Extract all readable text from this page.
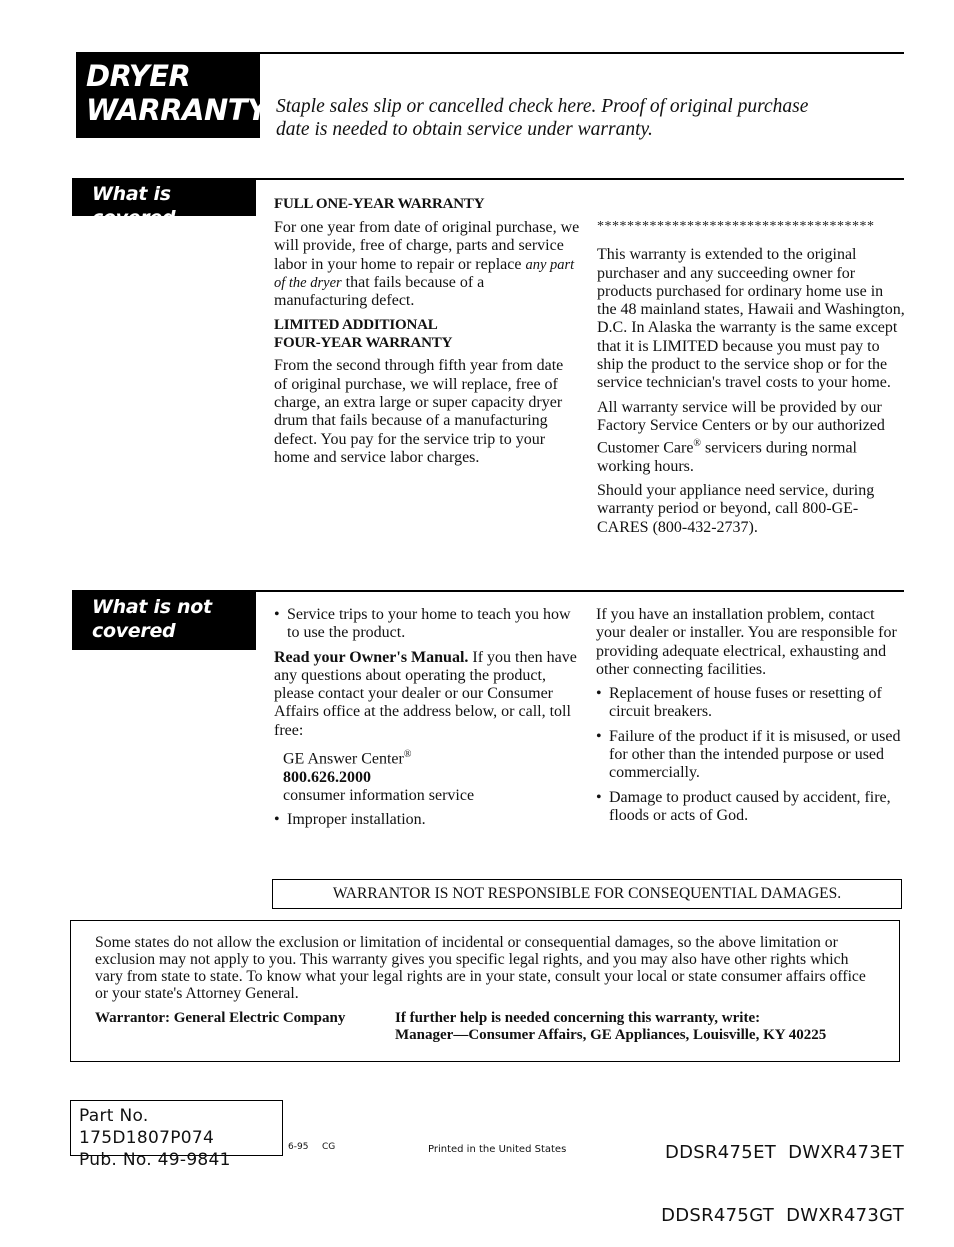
DRYER
WARRANTY Staple sales slip or cancelled check here. Proof of original purchase
date is needed to obtain service under warranty.
What is covered
FULL ONE-YEAR WARRANTY

For one year from date of original purchase, we will provide, free of charge, parts and service labor in your home to repair or replace any part of the dryer that fails because of a manufacturing defect.

LIMITED ADDITIONAL
FOUR-YEAR WARRANTY

From the second through fifth year from date of original purchase, we will replace, free of charge, an extra large or super capacity dryer drum that fails because of a manufacturing defect. You pay for the service trip to your home and service labor charges.

*************************************

This warranty is extended to the original purchaser and any succeeding owner for products purchased for ordinary home use in the 48 mainland states, Hawaii and Washington, D.C. In Alaska the warranty is the same except that it is LIMITED because you must pay to ship the product to the service shop or for the service technician's travel costs to your home.

All warranty service will be provided by our Factory Service Centers or by our authorized Customer Care® servicers during normal working hours.

Should your appliance need service, during warranty period or beyond, call 800-GE-CARES (800-432-2737).

What is not
covered
• Service trips to your home to teach you how to use the product.

Read your Owner's Manual. If you then have any questions about operating the product, please contact your dealer or our Consumer Affairs office at the address below, or call, toll free:

GE Answer Center®
800.626.2000
consumer information service
• Improper installation.

If you have an installation problem, contact your dealer or installer. You are responsible for providing adequate electrical, exhausting and other connecting facilities.

• Replacement of house fuses or resetting of circuit breakers.
• Failure of the product if it is misused, or used for other than the intended purpose or used commercially.
• Damage to product caused by accident, fire, floods or acts of God.
WARRANTOR IS NOT RESPONSIBLE FOR CONSEQUENTIAL DAMAGES.
Some states do not allow the exclusion or limitation of incidental or consequential damages, so the above limitation or exclusion may not apply to you. This warranty gives you specific legal rights, and you may also have other rights which vary from state to state. To know what your legal rights are in your state, consult your local or state consumer affairs office or your state's Attorney General.
Warrantor: General Electric Company	If further help is needed concerning this warranty, write:
Manager—Consumer Affairs, GE Appliances, Louisville, KY 40225
Part No. 175D1807P074
Pub. No. 49-9841
6-95 CG	Printed in the United States

	DDSR475ET  DWXR473ET

DDSR475GT  DWXR473GT
